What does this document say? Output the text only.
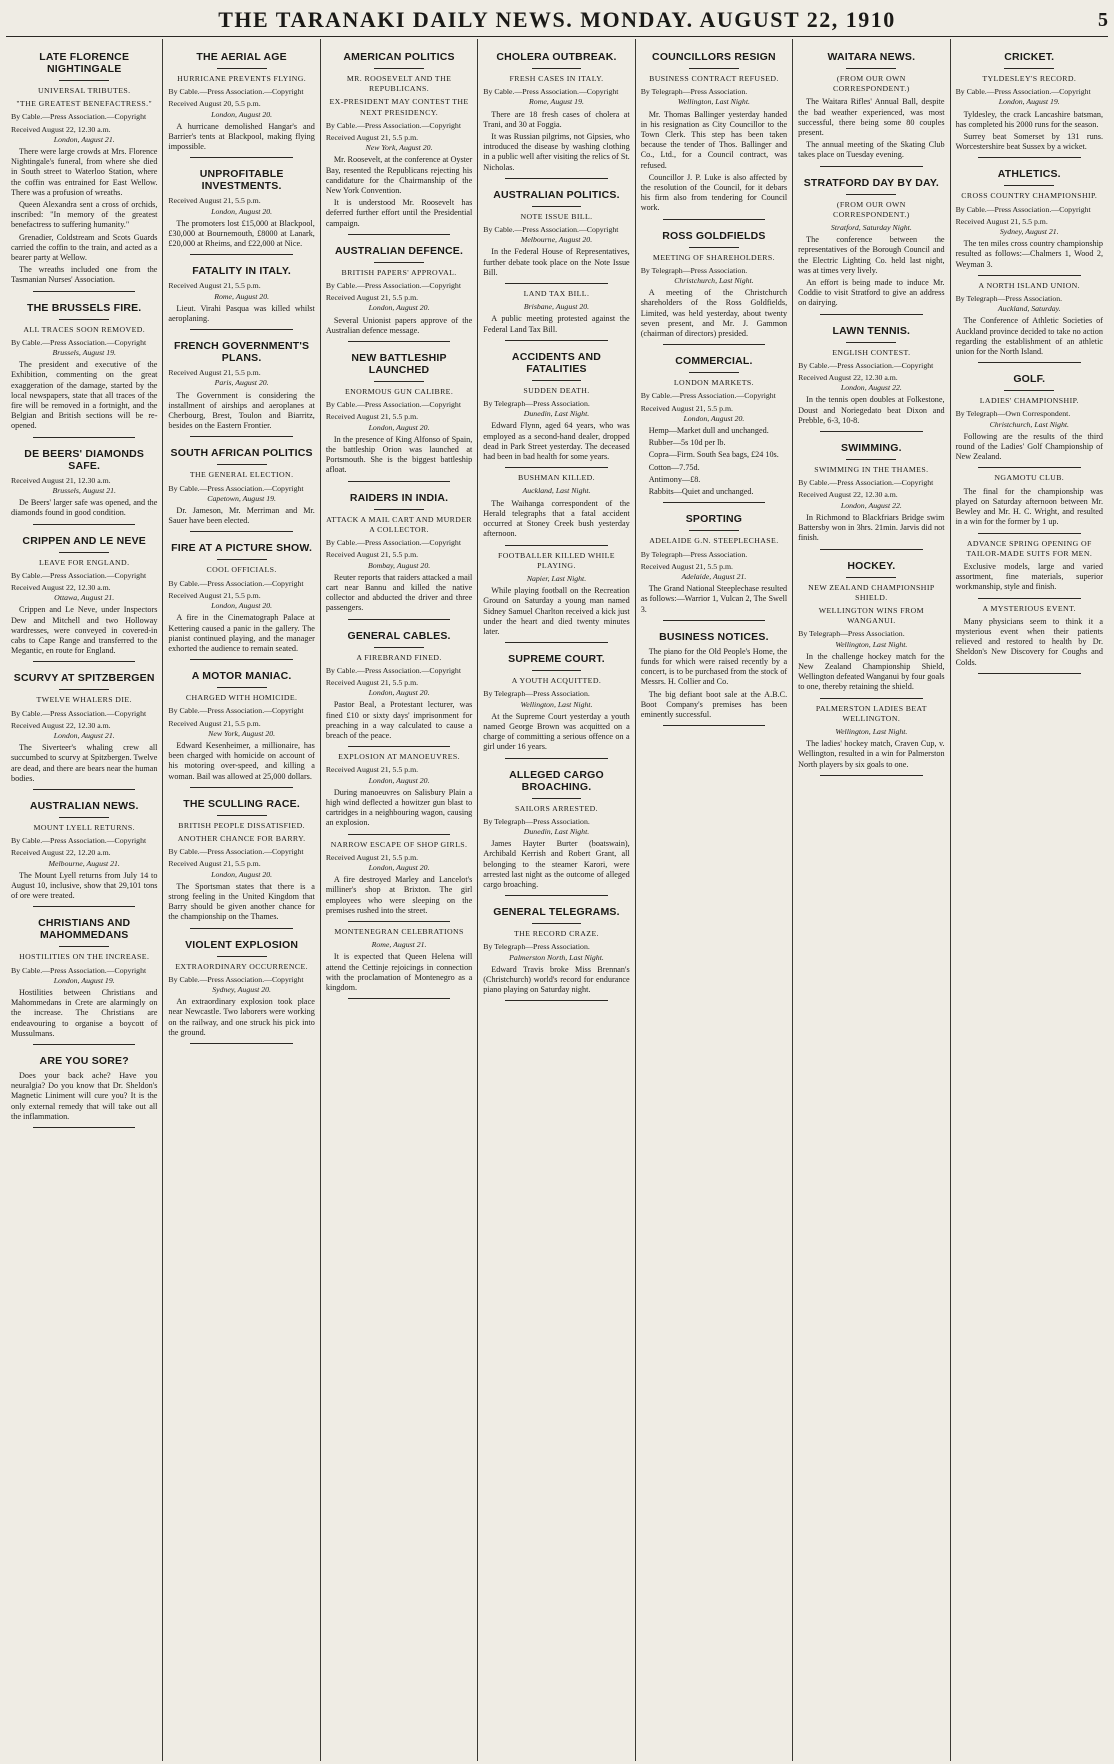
THE TARANAKI DAILY NEWS. MONDAY. AUGUST 22, 1910	5
LATE FLORENCE NIGHTINGALE
UNIVERSAL TRIBUTES.
"THE GREATEST BENEFACTRESS."
By Cable.—Press Association.—Copyright
Received August 22, 12.30 a.m.
London, August 21.

There were large crowds at Mrs. Florence Nightingale's funeral, from where she died in South street to Waterloo Station, where the coffin was entrained for East Wellow. There was a profusion of wreaths.

Queen Alexandra sent a cross of orchids, inscribed: "In memory of the greatest benefactress to suffering humanity."

Grenadier, Coldstream and Scots Guards carried the coffin to the train, and acted as a bearer party at Wellow.

The wreaths included one from the Tasmanian Nurses' Association.

THE BRUSSELS FIRE.
ALL TRACES SOON REMOVED.
By Cable.—Press Association.—Copyright
Brussels, August 19.

The president and executive of the Exhibition, commenting on the great exaggeration of the damage, started by the local newspapers, state that all traces of the fire will be removed in a fortnight, and the Belgian and British sections will be re-opened.

DE BEERS' DIAMONDS SAFE.
Received August 21, 12.30 a.m.
Brussels, August 21.

De Beers' larger safe was opened, and the diamonds found in good condition.

CRIPPEN AND LE NEVE
LEAVE FOR ENGLAND.
By Cable.—Press Association.—Copyright
Received August 22, 12.30 a.m.
Ottawa, August 21.

Crippen and Le Neve, under Inspectors Dew and Mitchell and two Holloway wardresses, were conveyed in covered-in cabs to Cape Range and transferred to the Megantic, en route for England.

SCURVY AT SPITZBERGEN
TWELVE WHALERS DIE.
By Cable.—Press Association.—Copyright
Received August 22, 12.30 a.m.
London, August 21.

The Siverteer's whaling crew all succumbed to scurvy at Spitzbergen. Twelve are dead, and there are bears near the human bodies.

AUSTRALIAN NEWS.
MOUNT LYELL RETURNS.
By Cable.—Press Association.—Copyright
Received August 22, 12.20 a.m.
Melbourne, August 21.

The Mount Lyell returns from July 14 to August 10, inclusive, show that 29,101 tons of ore were treated.

CHRISTIANS AND MAHOMMEDANS
HOSTILITIES ON THE INCREASE.
By Cable.—Press Association.—Copyright
London, August 19.

Hostilities between Christians and Mahommedans in Crete are alarmingly on the increase. The Christians are endeavouring to organise a boycott of Mussulmans.

ARE YOU SORE?

Does your back ache? Have you neuralgia? Do you know that Dr. Sheldon's Magnetic Liniment will cure you? It is the only external remedy that will take out all the inflammation.

THE AERIAL AGE
HURRICANE PREVENTS FLYING.
By Cable.—Press Association.—Copyright
Received August 20, 5.5 p.m.
London, August 20.

A hurricane demolished Hangar's and Barrier's tents at Blackpool, making flying impossible.

UNPROFITABLE INVESTMENTS.
Received August 21, 5.5 p.m.
London, August 20.

The promoters lost £15,000 at Blackpool, £30,000 at Bournemouth, £8000 at Lanark, £20,000 at Rheims, and £22,000 at Nice.

FATALITY IN ITALY.
Received August 21, 5.5 p.m.
Rome, August 20.

Lieut. Virahi Pasqua was killed whilst aeroplaning.

FRENCH GOVERNMENT'S PLANS.
Received August 21, 5.5 p.m.
Paris, August 20.

The Government is considering the installment of airships and aeroplanes at Cherbourg, Brest, Toulon and Biarritz, besides on the Eastern Frontier.

SOUTH AFRICAN POLITICS
THE GENERAL ELECTION.
By Cable.—Press Association.—Copyright
Capetown, August 19.

Dr. Jameson, Mr. Merriman and Mr. Sauer have been elected.

FIRE AT A PICTURE SHOW.
COOL OFFICIALS.
By Cable.—Press Association.—Copyright
Received August 21, 5.5 p.m.
London, August 20.

A fire in the Cinematograph Palace at Kettering caused a panic in the gallery. The pianist continued playing, and the manager exhorted the audience to remain seated.

A MOTOR MANIAC.
CHARGED WITH HOMICIDE.
By Cable.—Press Association.—Copyright
Received August 21, 5.5 p.m.
New York, August 20.

Edward Kesenheimer, a millionaire, has been charged with homicide on account of his motoring over-speed, and killing a woman. Bail was allowed at 25,000 dollars.

THE SCULLING RACE.
BRITISH PEOPLE DISSATISFIED.
ANOTHER CHANCE FOR BARRY.
By Cable.—Press Association.—Copyright
Received August 21, 5.5 p.m.
London, August 20.

The Sportsman states that there is a strong feeling in the United Kingdom that Barry should be given another chance for the championship on the Thames.

VIOLENT EXPLOSION
EXTRAORDINARY OCCURRENCE.
By Cable.—Press Association.—Copyright
Sydney, August 20.

An extraordinary explosion took place near Newcastle. Two laborers were working on the railway, and one struck his pick into the ground.

AMERICAN POLITICS
MR. ROOSEVELT AND THE REPUBLICANS.
EX-PRESIDENT MAY CONTEST THE NEXT PRESIDENCY.
By Cable.—Press Association.—Copyright
Received August 21, 5.5 p.m.
New York, August 20.

Mr. Roosevelt, at the conference at Oyster Bay, resented the Republicans rejecting his candidature for the Chairmanship of the New York Convention.

It is understood Mr. Roosevelt has deferred further effort until the Presidential campaign.

AUSTRALIAN DEFENCE.
BRITISH PAPERS' APPROVAL.
By Cable.—Press Association.—Copyright
Received August 21, 5.5 p.m.
London, August 20.

Several Unionist papers approve of the Australian defence message.

NEW BATTLESHIP LAUNCHED
ENORMOUS GUN CALIBRE.
By Cable.—Press Association.—Copyright
Received August 21, 5.5 p.m.
London, August 20.

In the presence of King Alfonso of Spain, the battleship Orion was launched at Portsmouth. She is the biggest battleship afloat.

RAIDERS IN INDIA.
ATTACK A MAIL CART AND MURDER A COLLECTOR.
By Cable.—Press Association.—Copyright
Received August 21, 5.5 p.m.
Bombay, August 20.

Reuter reports that raiders attacked a mail cart near Bannu and killed the native collector and abducted the driver and three passengers.

GENERAL CABLES.
A FIREBRAND FINED.
By Cable.—Press Association.—Copyright
Received August 21, 5.5 p.m.
London, August 20.

Pastor Beal, a Protestant lecturer, was fined £10 or sixty days' imprisonment for preaching in a way calculated to cause a breach of the peace.

EXPLOSION AT MANOEUVRES.
Received August 21, 5.5 p.m.
London, August 20.

During manoeuvres on Salisbury Plain a high wind deflected a howitzer gun blast to cartridges in a neighbouring wagon, causing an explosion.

NARROW ESCAPE OF SHOP GIRLS.
Received August 21, 5.5 p.m.
London, August 20.

A fire destroyed Marley and Lancelot's milliner's shop at Brixton. The girl employees who were sleeping on the premises rushed into the street.

MONTENEGRAN CELEBRATIONS
Rome, August 21.

It is expected that Queen Helena will attend the Cettinje rejoicings in connection with the proclamation of Montenegro as a kingdom.

CHOLERA OUTBREAK.
FRESH CASES IN ITALY.
By Cable.—Press Association.—Copyright
Rome, August 19.

There are 18 fresh cases of cholera at Trani, and 30 at Foggia.

It was Russian pilgrims, not Gipsies, who introduced the disease by washing clothing in a public well after visiting the relics of St. Nicholas.

AUSTRALIAN POLITICS.
NOTE ISSUE BILL.
By Cable.—Press Association.—Copyright
Melbourne, August 20.

In the Federal House of Representatives, further debate took place on the Note Issue Bill.

LAND TAX BILL.
Brisbane, August 20.

A public meeting protested against the Federal Land Tax Bill.

ACCIDENTS AND FATALITIES
SUDDEN DEATH.
By Telegraph—Press Association.
Dunedin, Last Night.

Edward Flynn, aged 64 years, who was employed as a second-hand dealer, dropped dead in Park Street yesterday. The deceased had been in bad health for some years.

BUSHMAN KILLED.
Auckland, Last Night.

The Waihanga correspondent of the Herald telegraphs that a fatal accident occurred at Stoney Creek bush yesterday afternoon.

FOOTBALLER KILLED WHILE PLAYING.
Napier, Last Night.

While playing football on the Recreation Ground on Saturday a young man named Sidney Samuel Charlton received a kick just under the heart and died twenty minutes later.

SUPREME COURT.
A YOUTH ACQUITTED.
By Telegraph—Press Association.
Wellington, Last Night.

At the Supreme Court yesterday a youth named George Brown was acquitted on a charge of committing a serious offence on a girl under 16 years.

ALLEGED CARGO BROACHING.
SAILORS ARRESTED.
By Telegraph—Press Association.
Dunedin, Last Night.

James Hayter Burter (boatswain), Archibald Kerrish and Robert Grant, all belonging to the steamer Karori, were arrested last night as the outcome of alleged cargo broaching.

GENERAL TELEGRAMS.
THE RECORD CRAZE.
By Telegraph—Press Association.
Palmerston North, Last Night.

Edward Travis broke Miss Brennan's (Christchurch) world's record for endurance piano playing on Saturday night.

COUNCILLORS RESIGN
BUSINESS CONTRACT REFUSED.
By Telegraph—Press Association.
Wellington, Last Night.

Mr. Thomas Ballinger yesterday handed in his resignation as City Councillor to the Town Clerk. This step has been taken because the tender of Thos. Ballinger and Co., Ltd., for a Council contract, was refused.

Councillor J. P. Luke is also affected by the resolution of the Council, for it debars his firm also from tendering for Council work.

ROSS GOLDFIELDS
MEETING OF SHAREHOLDERS.
By Telegraph—Press Association.
Christchurch, Last Night.

A meeting of the Christchurch shareholders of the Ross Goldfields, Limited, was held yesterday, about twenty seven present, and Mr. J. Gammon (chairman of directors) presided.

COMMERCIAL.
LONDON MARKETS.
By Cable.—Press Association.—Copyright
Received August 21, 5.5 p.m.
London, August 20.

Hemp—Market dull and unchanged.

Rubber—5s 10d per lb.

Copra—Firm. South Sea bags, £24 10s.

Cotton—7.75d.

Antimony—£8.

Rabbits—Quiet and unchanged.

SPORTING
ADELAIDE G.N. STEEPLECHASE.
By Telegraph—Press Association.
Received August 21, 5.5 p.m.
Adelaide, August 21.

The Grand National Steeplechase resulted as follows:—Warrior 1, Vulcan 2, The Swell 3.

BUSINESS NOTICES.

The piano for the Old People's Home, the funds for which were raised recently by a concert, is to be purchased from the stock of Messrs. H. Collier and Co.

The big defiant boot sale at the A.B.C. Boot Company's premises has been eminently successful.

WAITARA NEWS.
(FROM OUR OWN CORRESPONDENT.)

The Waitara Rifles' Annual Ball, despite the bad weather experienced, was most successful, there being some 80 couples present.

The annual meeting of the Skating Club takes place on Tuesday evening.

STRATFORD DAY BY DAY.
(FROM OUR OWN CORRESPONDENT.)
Stratford, Saturday Night.

The conference between the representatives of the Borough Council and the Electric Lighting Co. held last night, was at times very lively.

An effort is being made to induce Mr. Coddie to visit Stratford to give an address on dairying.

LAWN TENNIS.
ENGLISH CONTEST.
By Cable.—Press Association.—Copyright
Received August 22, 12.30 a.m.
London, August 22.

In the tennis open doubles at Folkestone, Doust and Noriegedato beat Dixon and Prebble, 6-3, 10-8.

SWIMMING.
SWIMMING IN THE THAMES.
By Cable.—Press Association.—Copyright
Received August 22, 12.30 a.m.
London, August 22.

In Richmond to Blackfriars Bridge swim Battersby won in 3hrs. 21min. Jarvis did not finish.

HOCKEY.
NEW ZEALAND CHAMPIONSHIP SHIELD.
WELLINGTON WINS FROM WANGANUI.
By Telegraph—Press Association.
Wellington, Last Night.

In the challenge hockey match for the New Zealand Championship Shield, Wellington defeated Wanganui by four goals to one, thereby retaining the shield.

PALMERSTON LADIES BEAT WELLINGTON.
Wellington, Last Night.

The ladies' hockey match, Craven Cup, v. Wellington, resulted in a win for Palmerston North players by six goals to one.

CRICKET.
TYLDESLEY'S RECORD.
By Cable.—Press Association.—Copyright
London, August 19.

Tyldesley, the crack Lancashire batsman, has completed his 2000 runs for the season.

Surrey beat Somerset by 131 runs. Worcestershire beat Sussex by a wicket.

ATHLETICS.
CROSS COUNTRY CHAMPIONSHIP.
By Cable.—Press Association.—Copyright
Received August 21, 5.5 p.m.
Sydney, August 21.

The ten miles cross country championship resulted as follows:—Chalmers 1, Wood 2, Weyman 3.

A NORTH ISLAND UNION.
By Telegraph—Press Association.
Auckland, Saturday.

The Conference of Athletic Societies of Auckland province decided to take no action regarding the establishment of an athletic union for the North Island.

GOLF.
LADIES' CHAMPIONSHIP.
By Telegraph—Own Correspondent.
Christchurch, Last Night.

Following are the results of the third round of the Ladies' Golf Championship of New Zealand.

NGAMOTU CLUB.

The final for the championship was played on Saturday afternoon between Mr. Bewley and Mr. H. C. Wright, and resulted in a win for the former by 1 up.

ADVANCE SPRING OPENING OF TAILOR-MADE SUITS FOR MEN.

Exclusive models, large and varied assortment, fine materials, superior workmanship, style and finish.

A MYSTERIOUS EVENT.

Many physicians seem to think it a mysterious event when their patients relieved and restored to health by Dr. Sheldon's New Discovery for Coughs and Colds.
